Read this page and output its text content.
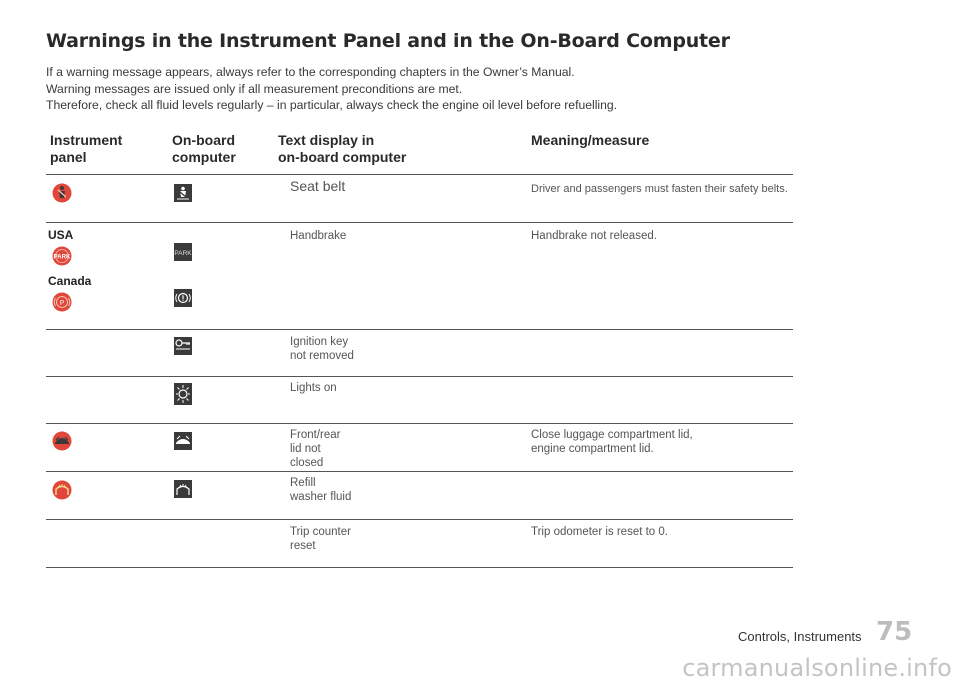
Warnings in the Instrument Panel and in the On-Board Computer
If a warning message appears, always refer to the corresponding chapters in the Owner’s Manual.
Warning messages are issued only if all measurement preconditions are met.
Therefore, check all fluid levels regularly – in particular, always check the engine oil level before refuelling.
Instrument
panel
On-board
computer
Text display in
on-board computer
Meaning/measure
Seat belt	Driver and passengers must fasten their safety belts.
USA
PARK
Canada
P
PARK
Handbrake	Handbrake not released.
Ignition key
not removed
Lights on
Front/rear
lid not
closed
Close luggage compartment lid,
engine compartment lid.
Refill
washer fluid
Trip counter
reset
Trip odometer is reset to 0.
Controls, Instruments 75
carmanualsonline.info
